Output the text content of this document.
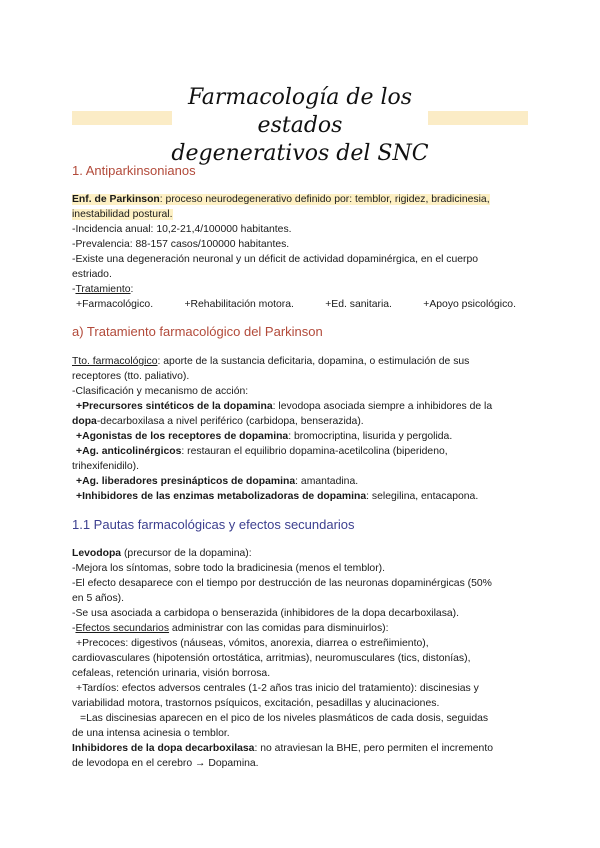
Farmacología de los estados
degenerativos del SNC
1. Antiparkinsonianos

Enf. de Parkinson: proceso neurodegenerativo definido por: temblor, rigidez, bradicinesia,

inestabilidad postural.

-Incidencia anual: 10,2-21,4/100000 habitantes.

-Prevalencia: 88-157 casos/100000 habitantes.

-Existe una degeneración neuronal y un déficit de actividad dopaminérgica, en el cuerpo

estriado.

-Tratamiento:

+Farmacológico.	+Rehabilitación motora.	+Ed. sanitaria.	+Apoyo psicológico.
a) Tratamiento farmacológico del Parkinson

Tto. farmacológico: aporte de la sustancia deficitaria, dopamina, o estimulación de sus

receptores (tto. paliativo).

-Clasificación y mecanismo de acción:

+Precursores sintéticos de la dopamina: levodopa asociada siempre a inhibidores de la

dopa-decarboxilasa a nivel periférico (carbidopa, benserazida).

+Agonistas de los receptores de dopamina: bromocriptina, lisurida y pergolida.

+Ag. anticolinérgicos: restauran el equilibrio dopamina-acetilcolina (biperideno,

trihexifenidilo).

+Ag. liberadores presinápticos de dopamina: amantadina.

+Inhibidores de las enzimas metabolizadoras de dopamina: selegilina, entacapona.

1.1 Pautas farmacológicas y efectos secundarios

Levodopa (precursor de la dopamina):

-Mejora los síntomas, sobre todo la bradicinesia (menos el temblor).

-El efecto desaparece con el tiempo por destrucción de las neuronas dopaminérgicas (50%

en 5 años).

-Se usa asociada a carbidopa o benserazida (inhibidores de la dopa decarboxilasa).

-Efectos secundarios administrar con las comidas para disminuirlos):

+Precoces: digestivos (náuseas, vómitos, anorexia, diarrea o estreñimiento),

cardiovasculares (hipotensión ortostática, arritmias), neuromusculares (tics, distonías),

cefaleas, retención urinaria, visión borrosa.

+Tardíos: efectos adversos centrales (1-2 años tras inicio del tratamiento): discinesias y

variabilidad motora, trastornos psíquicos, excitación, pesadillas y alucinaciones.

=Las discinesias aparecen en el pico de los niveles plasmáticos de cada dosis, seguidas

de una intensa acinesia o temblor.

Inhibidores de la dopa decarboxilasa: no atraviesan la BHE, pero permiten el incremento

de levodopa en el cerebro → Dopamina.
